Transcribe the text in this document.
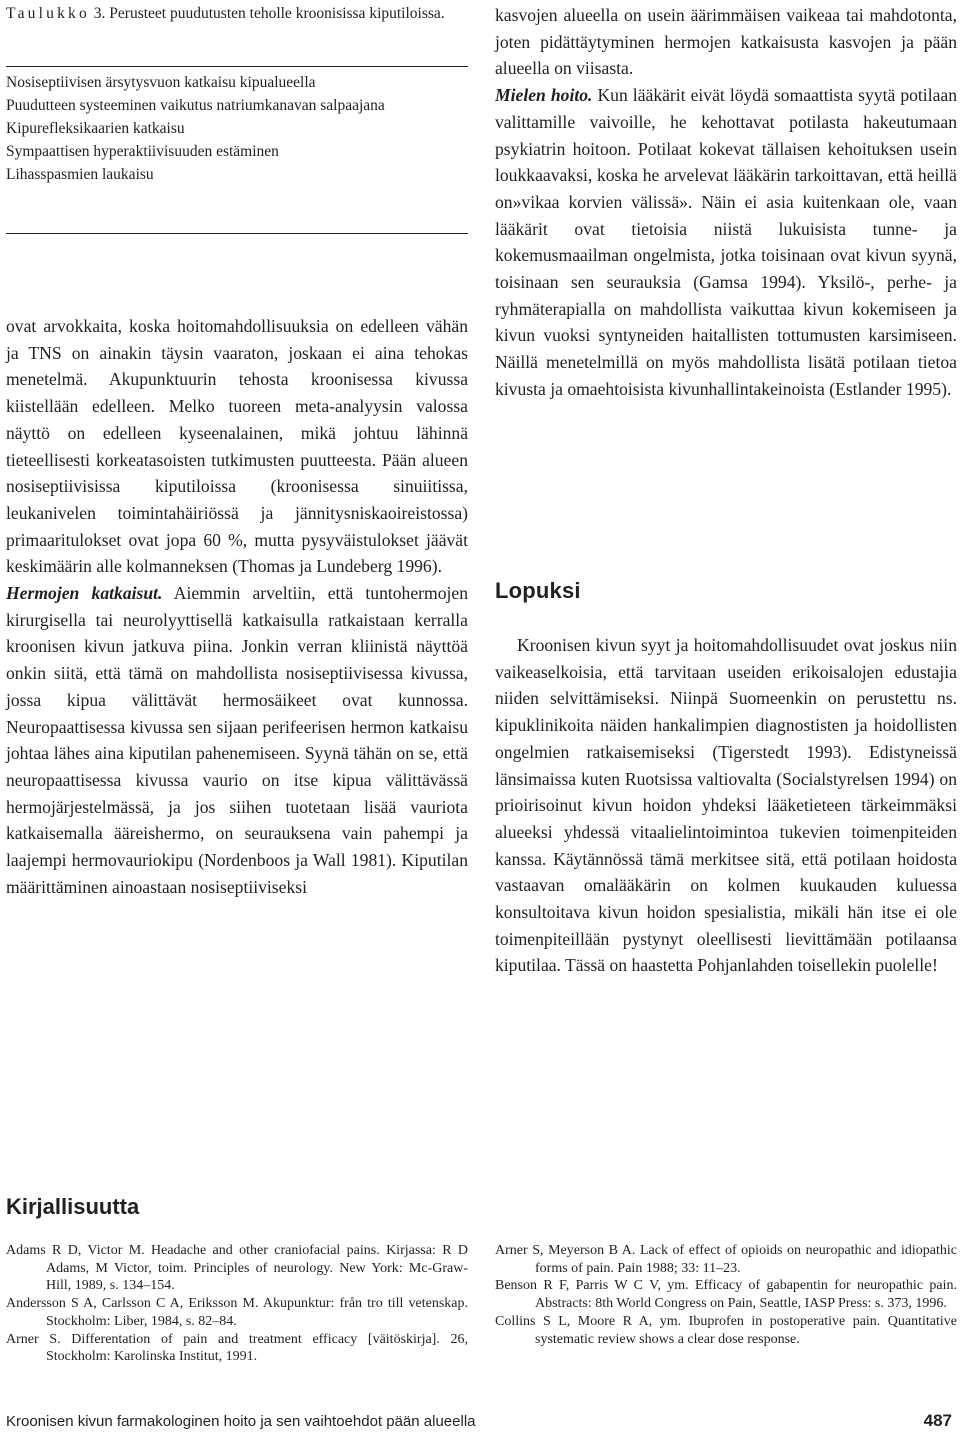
Taulukko 3. Perusteet puudutusten teholle kroonisissa kiputiloissa.
Nosiseptiivisen ärsytysvuon katkaisu kipualueella
Puudutteen systeeminen vaikutus natriumkanavan salpaajana
Kipurefleksikaarien katkaisu
Sympaattisen hyperaktiivisuuden estäminen
Lihasspasmien laukaisu

ovat arvokkaita, koska hoitomahdollisuuksia on edelleen vähän ja TNS on ainakin täysin vaaraton, joskaan ei aina tehokas menetelmä. Akupunktuurin tehosta kroonisessa kivussa kiistellään edelleen. Melko tuoreen meta-analyysin valossa näyttö on edelleen kyseenalainen, mikä johtuu lähinnä tieteellisesti korkeatasoisten tutkimusten puutteesta. Pään alueen nosiseptiivisissa kiputiloissa (kroonisessa sinuiitissa, leukanivelen toimintahäiriössä ja jännitysniskaoireistossa) primaaritulokset ovat jopa 60 %, mutta pysyväistulokset jäävät keskimäärin alle kolmanneksen (Thomas ja Lundeberg 1996).

Hermojen katkaisut. Aiemmin arveltiin, että tuntohermojen kirurgisella tai neurolyyttisellä katkaisulla ratkaistaan kerralla kroonisen kivun jatkuva piina. Jonkin verran kliinistä näyttöä onkin siitä, että tämä on mahdollista nosiseptiivisessa kivussa, jossa kipua välittävät hermosäikeet ovat kunnossa. Neuropaattisessa kivussa sen sijaan perifeerisen hermon katkaisu johtaa lähes aina kiputilan pahenemiseen. Syynä tähän on se, että neuropaattisessa kivussa vaurio on itse kipua välittävässä hermojärjestelmässä, ja jos siihen tuotetaan lisää vauriota katkaisemalla ääreishermo, on seurauksena vain pahempi ja laajempi hermovauriokipu (Nordenboos ja Wall 1981). Kiputilan määrittäminen ainoastaan nosiseptiiviseksi

kasvojen alueella on usein äärimmäisen vaikeaa tai mahdotonta, joten pidättäytyminen hermojen katkaisusta kasvojen ja pään alueella on viisasta.

Mielen hoito. Kun lääkärit eivät löydä somaattista syytä potilaan valittamille vaivoille, he kehottavat potilasta hakeutumaan psykiatrin hoitoon. Potilaat kokevat tällaisen kehoituksen usein loukkaavaksi, koska he arvelevat lääkärin tarkoittavan, että heillä on»vikaa korvien välissä». Näin ei asia kuitenkaan ole, vaan lääkärit ovat tietoisia niistä lukuisista tunne- ja kokemusmaailman ongelmista, jotka toisinaan ovat kivun syynä, toisinaan sen seurauksia (Gamsa 1994). Yksilö-, perhe- ja ryhmäterapialla on mahdollista vaikuttaa kivun kokemiseen ja kivun vuoksi syntyneiden haitallisten tottumusten karsimiseen. Näillä menetelmillä on myös mahdollista lisätä potilaan tietoa kivusta ja omaehtoisista kivunhallintakeinoista (Estlander 1995).

Lopuksi

Kroonisen kivun syyt ja hoitomahdollisuudet ovat joskus niin vaikeaselkoisia, että tarvitaan useiden erikoisalojen edustajia niiden selvittämiseksi. Niinpä Suomeenkin on perustettu ns. kipuklinikoita näiden hankalimpien diagnostisten ja hoidollisten ongelmien ratkaisemiseksi (Tigerstedt 1993). Edistyneissä länsimaissa kuten Ruotsissa valtiovalta (Socialstyrelsen 1994) on prioirisoinut kivun hoidon yhdeksi lääketieteen tärkeimmäksi alueeksi yhdessä vitaalielintoimintoa tukevien toimenpiteiden kanssa. Käytännössä tämä merkitsee sitä, että potilaan hoidosta vastaavan omalääkärin on kolmen kuukauden kuluessa konsultoitava kivun hoidon spesialistia, mikäli hän itse ei ole toimenpiteillään pystynyt oleellisesti lievittämään potilaansa kiputilaa. Tässä on haastetta Pohjanlahden toisellekin puolelle!

Kirjallisuutta
Adams R D, Victor M. Headache and other craniofacial pains. Kirjassa: R D Adams, M Victor, toim. Principles of neurology. New York: Mc-Graw-Hill, 1989, s. 134–154.
Andersson S A, Carlsson C A, Eriksson M. Akupunktur: från tro till vetenskap. Stockholm: Liber, 1984, s. 82–84.
Arner S. Differentation of pain and treatment efficacy [väitöskirja]. 26, Stockholm: Karolinska Institut, 1991.
Arner S, Meyerson B A. Lack of effect of opioids on neuropathic and idiopathic forms of pain. Pain 1988; 33: 11–23.
Benson R F, Parris W C V, ym. Efficacy of gabapentin for neuropathic pain. Abstracts: 8th World Congress on Pain, Seattle, IASP Press: s. 373, 1996.
Collins S L, Moore R A, ym. Ibuprofen in postoperative pain. Quantitative systematic review shows a clear dose response.
Kroonisen kivun farmakologinen hoito ja sen vaihtoehdot pään alueella	487
